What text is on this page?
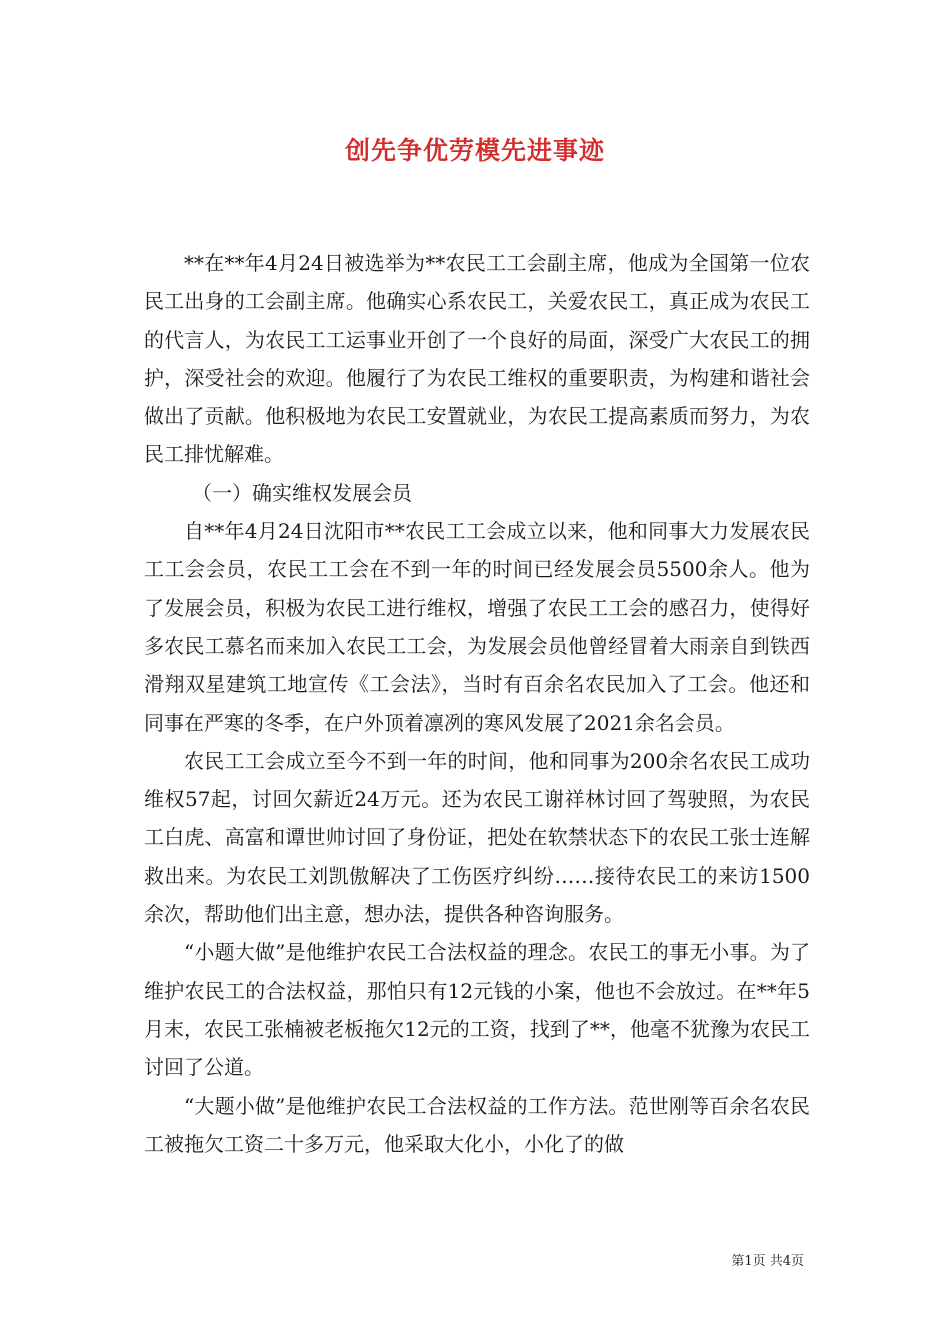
创先争优劳模先进事迹

**在**年4月24日被选举为**农民工工会副主席，他成为全国第一位农民工出身的工会副主席。他确实心系农民工，关爱农民工，真正成为农民工的代言人，为农民工工运事业开创了一个良好的局面，深受广大农民工的拥护，深受社会的欢迎。他履行了为农民工维权的重要职责，为构建和谐社会做出了贡献。他积极地为农民工安置就业，为农民工提高素质而努力，为农民工排忧解难。

（一）确实维权发展会员

自**年4月24日沈阳市**农民工工会成立以来，他和同事大力发展农民工工会会员，农民工工会在不到一年的时间已经发展会员5500余人。他为了发展会员，积极为农民工进行维权，增强了农民工工会的感召力，使得好多农民工慕名而来加入农民工工会，为发展会员他曾经冒着大雨亲自到铁西滑翔双星建筑工地宣传《工会法》，当时有百余名农民加入了工会。他还和同事在严寒的冬季，在户外顶着凛冽的寒风发展了2021余名会员。

农民工工会成立至今不到一年的时间，他和同事为200余名农民工成功维权57起，讨回欠薪近24万元。还为农民工谢祥林讨回了驾驶照，为农民工白虎、高富和谭世帅讨回了身份证，把处在软禁状态下的农民工张士连解救出来。为农民工刘凯傲解决了工伤医疗纠纷……接待农民工的来访1500余次，帮助他们出主意，想办法，提供各种咨询服务。

“小题大做”是他维护农民工合法权益的理念。农民工的事无小事。为了维护农民工的合法权益，那怕只有12元钱的小案，他也不会放过。在**年5月末，农民工张楠被老板拖欠12元的工资，找到了**，他毫不犹豫为农民工讨回了公道。

“大题小做”是他维护农民工合法权益的工作方法。范世刚等百余名农民工被拖欠工资二十多万元，他采取大化小，小化了的做

第1页 共4页
